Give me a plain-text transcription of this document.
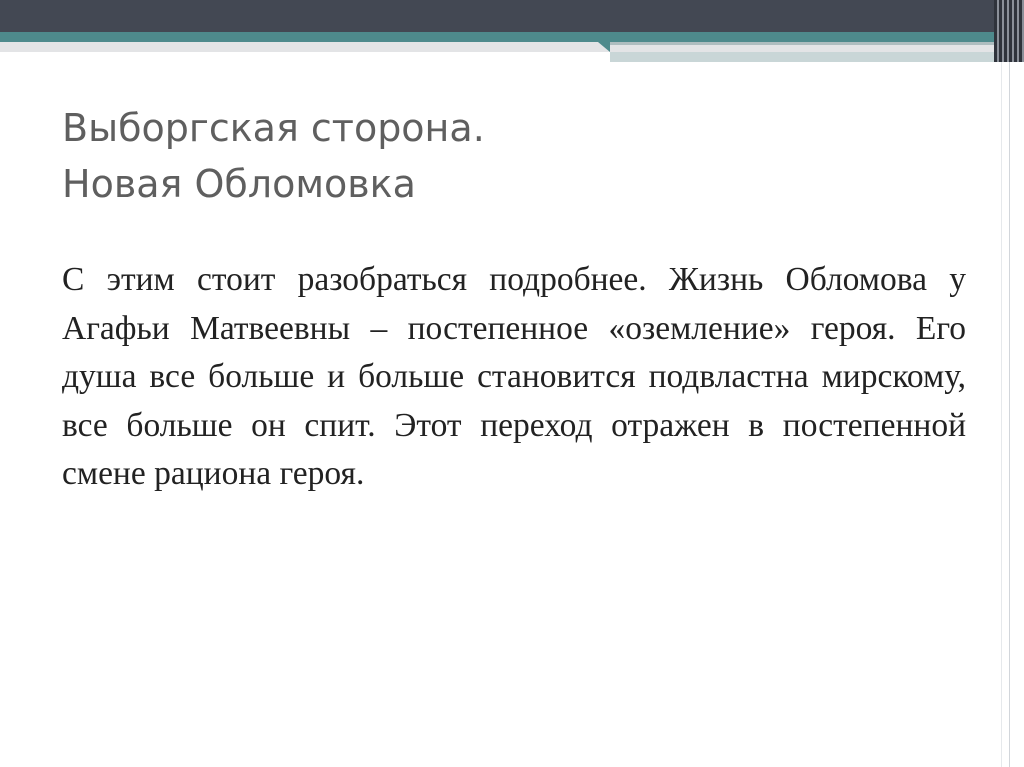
Выборгская сторона.
Новая Обломовка

С этим стоит разобраться подробнее. Жизнь Обломова у Агафьи Матвеевны – постепенное «оземление» героя. Его душа все больше и больше становится подвластна мирскому, все больше он спит. Этот переход отражен в постепенной смене рациона героя.
